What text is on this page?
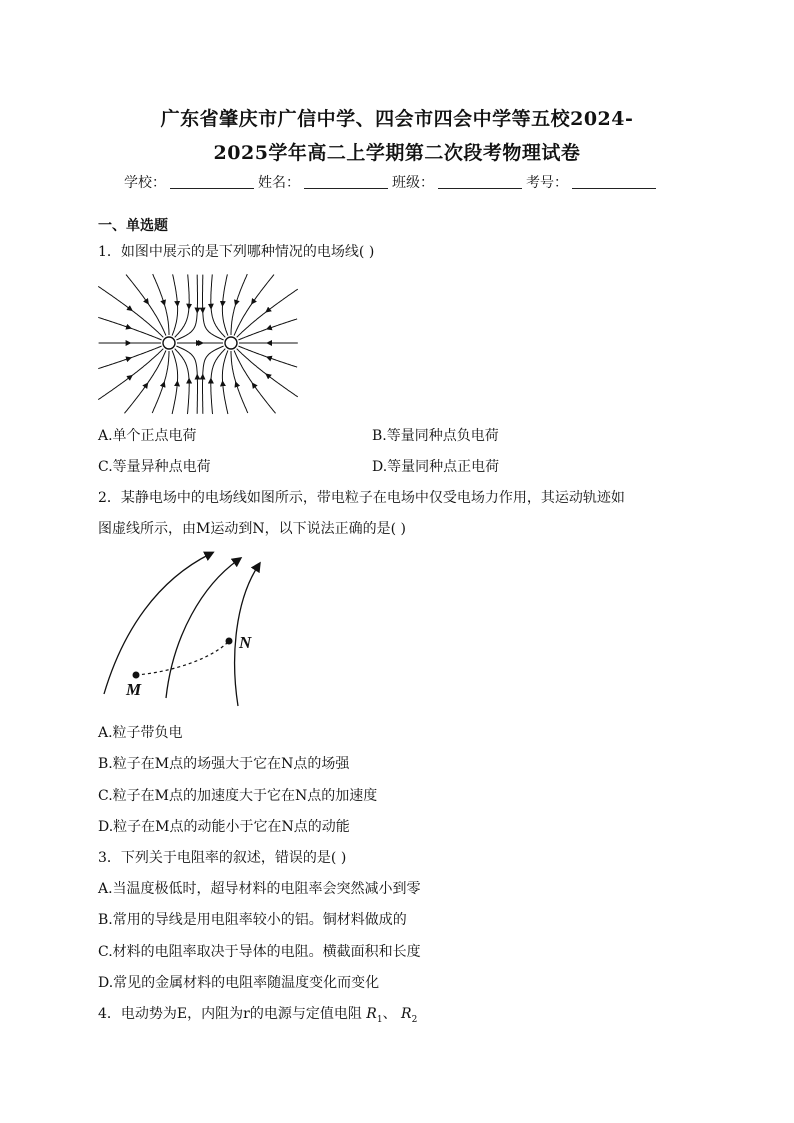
广东省肇庆市广信中学、四会市四会中学等五校2024-
2025学年高二上学期第二次段考物理试卷
学校：	姓名：	班级：	考号：
一、单选题
1．如图中展示的是下列哪种情况的电场线( )
A.单个正点电荷	B.等量同种点负电荷
C.等量异种点电荷	D.等量同种点正电荷
2．某静电场中的电场线如图所示，带电粒子在电场中仅受电场力作用，其运动轨迹如
图虚线所示，由M运动到N，以下说法正确的是( )
M
N
A.粒子带负电
B.粒子在M点的场强大于它在N点的场强
C.粒子在M点的加速度大于它在N点的加速度
D.粒子在M点的动能小于它在N点的动能
3．下列关于电阻率的叙述，错误的是( )
A.当温度极低时，超导材料的电阻率会突然减小到零
B.常用的导线是用电阻率较小的铝。铜材料做成的
C.材料的电阻率取决于导体的电阻。横截面积和长度
D.常见的金属材料的电阻率随温度变化而变化
4．电动势为E，内阻为r的电源与定值电阻 $R_1$、 $R_2$
